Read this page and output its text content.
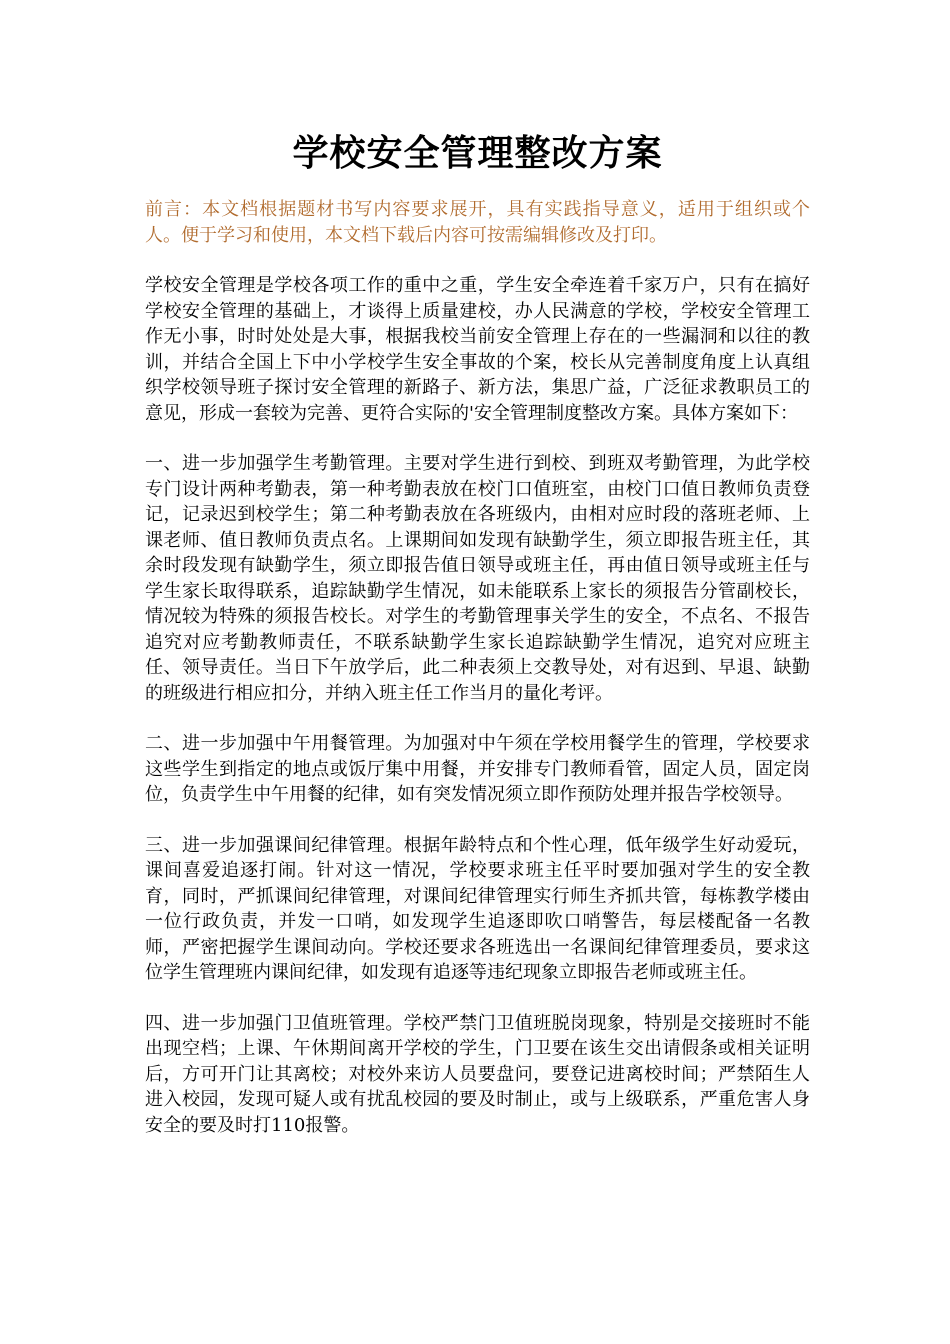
学校安全管理整改方案

前言：本文档根据题材书写内容要求展开，具有实践指导意义，适用于组织或个人。便于学习和使用，本文档下载后内容可按需编辑修改及打印。

学校安全管理是学校各项工作的重中之重，学生安全牵连着千家万户，只有在搞好学校安全管理的基础上，才谈得上质量建校，办人民满意的学校，学校安全管理工作无小事，时时处处是大事，根据我校当前安全管理上存在的一些漏洞和以往的教训，并结合全国上下中小学校学生安全事故的个案，校长从完善制度角度上认真组织学校领导班子探讨安全管理的新路子、新方法，集思广益，广泛征求教职员工的意见，形成一套较为完善、更符合实际的'安全管理制度整改方案。具体方案如下：

一、进一步加强学生考勤管理。主要对学生进行到校、到班双考勤管理，为此学校专门设计两种考勤表，第一种考勤表放在校门口值班室，由校门口值日教师负责登记，记录迟到校学生；第二种考勤表放在各班级内，由相对应时段的落班老师、上课老师、值日教师负责点名。上课期间如发现有缺勤学生，须立即报告班主任，其余时段发现有缺勤学生，须立即报告值日领导或班主任，再由值日领导或班主任与学生家长取得联系，追踪缺勤学生情况，如未能联系上家长的须报告分管副校长，情况较为特殊的须报告校长。对学生的考勤管理事关学生的安全，不点名、不报告追究对应考勤教师责任，不联系缺勤学生家长追踪缺勤学生情况，追究对应班主任、领导责任。当日下午放学后，此二种表须上交教导处，对有迟到、早退、缺勤的班级进行相应扣分，并纳入班主任工作当月的量化考评。

二、进一步加强中午用餐管理。为加强对中午须在学校用餐学生的管理，学校要求这些学生到指定的地点或饭厅集中用餐，并安排专门教师看管，固定人员，固定岗位，负责学生中午用餐的纪律，如有突发情况须立即作预防处理并报告学校领导。

三、进一步加强课间纪律管理。根据年龄特点和个性心理，低年级学生好动爱玩，课间喜爱追逐打闹。针对这一情况，学校要求班主任平时要加强对学生的安全教育，同时，严抓课间纪律管理，对课间纪律管理实行师生齐抓共管，每栋教学楼由一位行政负责，并发一口哨，如发现学生追逐即吹口哨警告，每层楼配备一名教师，严密把握学生课间动向。学校还要求各班选出一名课间纪律管理委员，要求这位学生管理班内课间纪律，如发现有追逐等违纪现象立即报告老师或班主任。

四、进一步加强门卫值班管理。学校严禁门卫值班脱岗现象，特别是交接班时不能出现空档；上课、午休期间离开学校的学生，门卫要在该生交出请假条或相关证明后，方可开门让其离校；对校外来访人员要盘问，要登记进离校时间；严禁陌生人进入校园，发现可疑人或有扰乱校园的要及时制止，或与上级联系，严重危害人身安全的要及时打110报警。
